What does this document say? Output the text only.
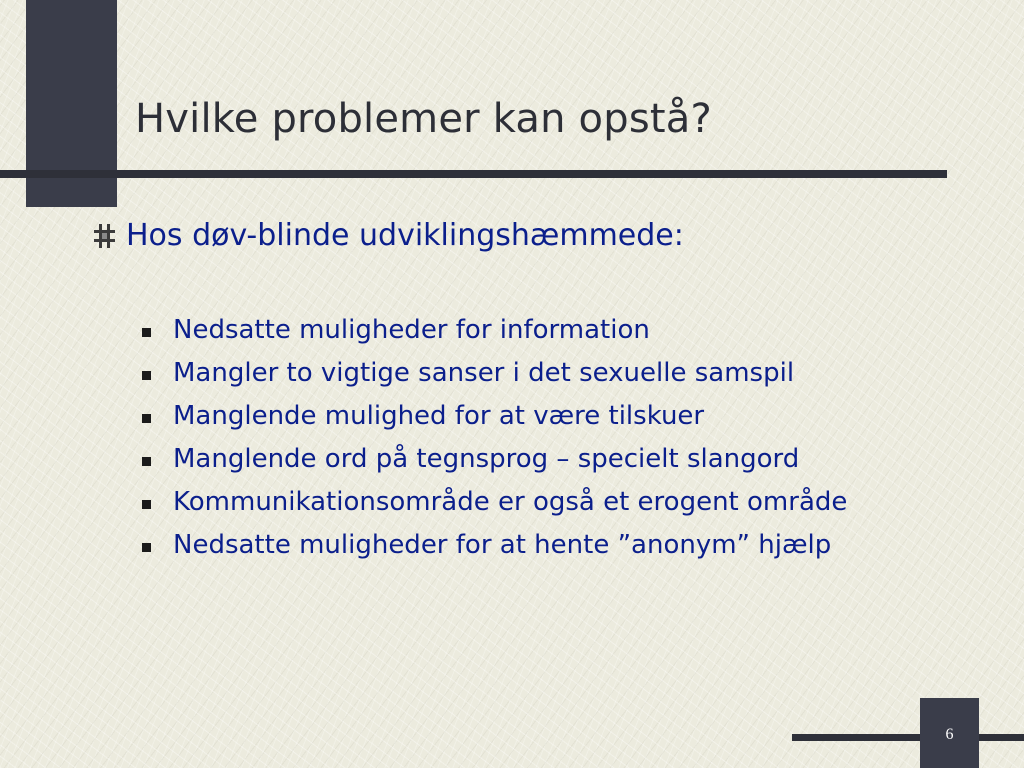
Hvilke problemer kan opstå?
Hos døv-blinde udviklingshæmmede:
Nedsatte muligheder for information
Mangler to vigtige sanser i det sexuelle samspil
Manglende mulighed for at være tilskuer
Manglende ord på tegnsprog – specielt slangord
Kommunikationsområde er også et erogent område
Nedsatte muligheder for at hente ”anonym” hjælp
6
